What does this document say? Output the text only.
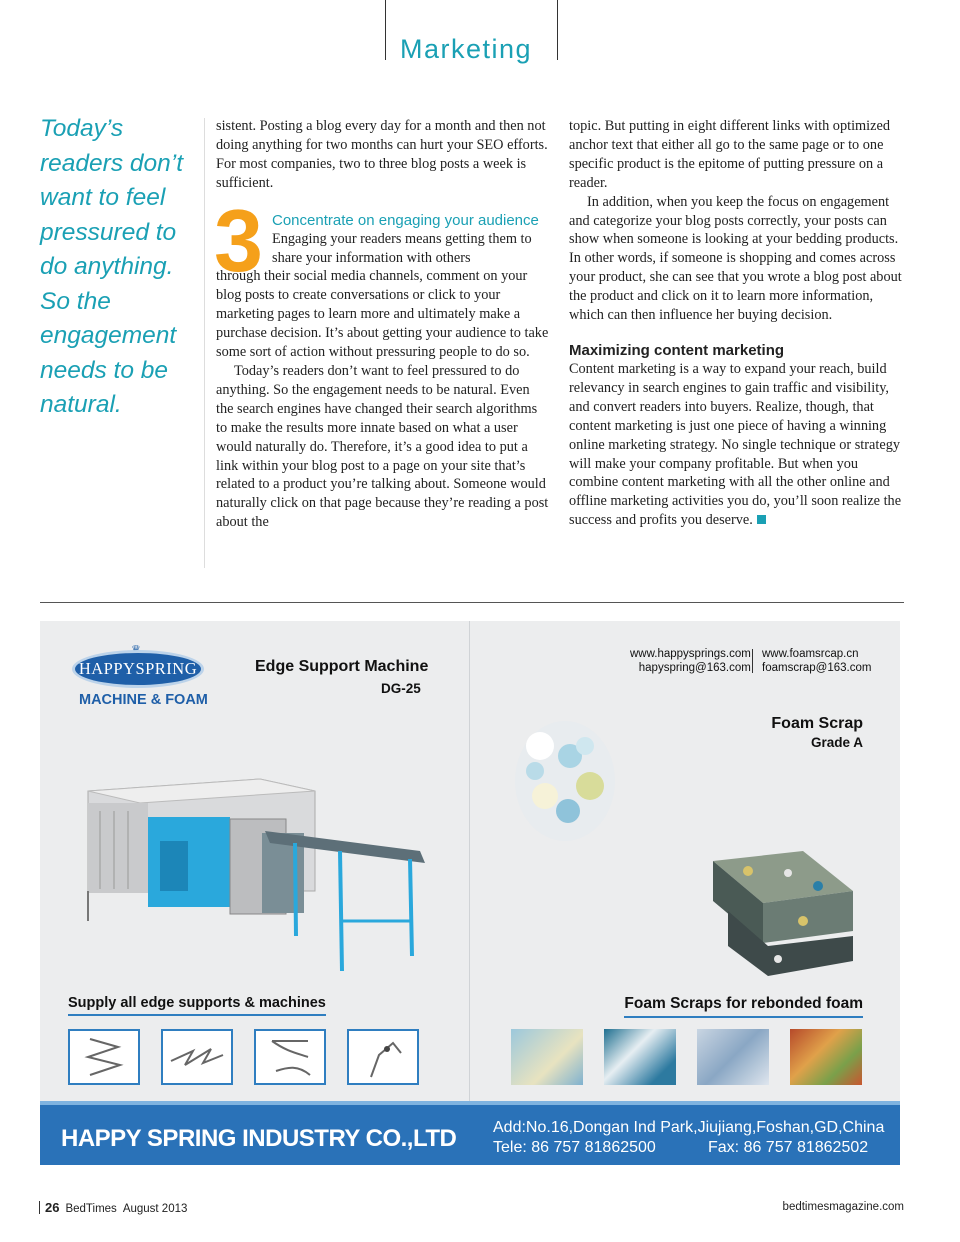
Marketing
Today’s readers don’t want to feel pressured to do anything. So the engagement needs to be natural.

sistent. Posting a blog every day for a month and then not doing anything for two months can hurt your SEO efforts. For most companies, two to three blog posts a week is sufficient.

3 Concentrate on engaging your audience
Engaging your readers means getting them to share your information with others

through their social media channels, comment on your blog posts to create conversations or click to your marketing pages to learn more and ultimately make a purchase decision. It’s about getting your audience to take some sort of action without pressuring people to do so.

Today’s readers don’t want to feel pressured to do anything. So the engagement needs to be natural. Even the search engines have changed their search algorithms to make the results more innate based on what a user would naturally do. Therefore, it’s a good idea to put a link within your blog post to a page on your site that’s related to a product you’re talking about. Someone would naturally click on that page because they’re reading a post about the

topic. But putting in eight different links with optimized anchor text that either all go to the same page or to one specific product is the epitome of putting pressure on a reader.

In addition, when you keep the focus on engagement and categorize your blog posts correctly, your posts can show when someone is looking at your bedding products. In other words, if someone is shopping and comes across your product, she can see that you wrote a blog post about the product and click on it to learn more information, which can then influence her buying decision.

Maximizing content marketing

Content marketing is a way to expand your reach, build relevancy in search engines to gain traffic and visibility, and convert readers into buyers. Realize, though, that content marketing is just one piece of having a winning online marketing strategy. No single technique or strategy will make your company profitable. But when you combine content marketing with all the other online and offline marketing activities you do, you’ll soon realize the success and profits you deserve.

HAPPYSPRING
MACHINE & FOAM
Edge Support Machine
DG-25
www.happysprings.com
hapyspring@163.com
www.foamsrcap.cn
foamscrap@163.com
Foam Scrap
Grade A
Supply all edge supports & machines	Foam Scraps for rebonded foam
HAPPY SPRING INDUSTRY CO.,LTD Add:No.16,Dongan Ind Park,Jiujiang,Foshan,GD,China
Tele: 86 757 81862500	Fax: 86 757 81862502
26 BedTimes August 2013	bedtimesmagazine.com
